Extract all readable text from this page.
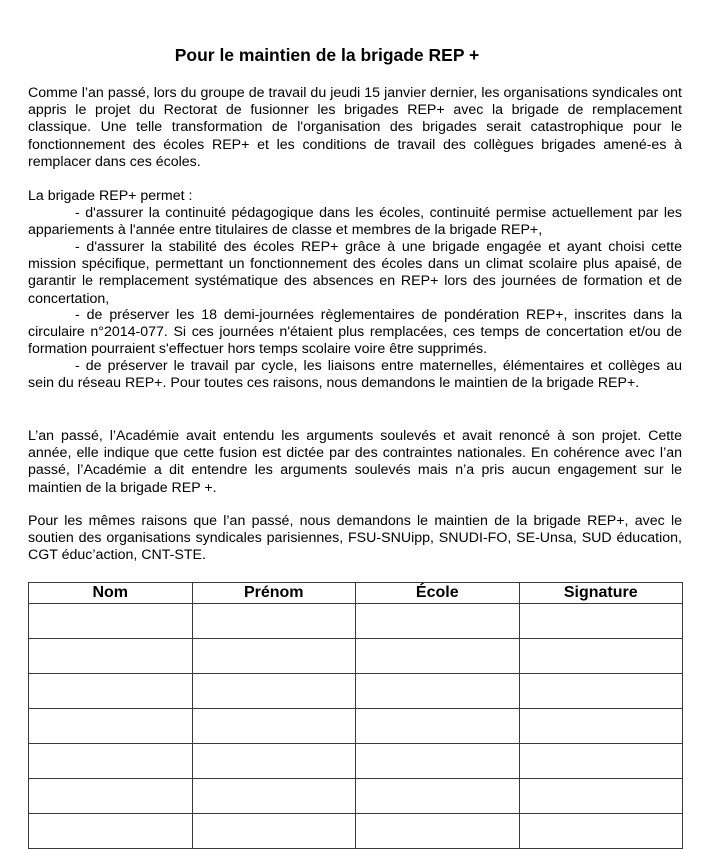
Pour le maintien de la brigade REP +

Comme l’an passé, lors du groupe de travail du jeudi 15 janvier dernier, les organisations syndicales ont appris le projet du Rectorat de fusionner les brigades REP+ avec la brigade de remplacement classique. Une telle transformation de l'organisation des brigades serait catastrophique pour le fonctionnement des écoles REP+ et les conditions de travail des collègues brigades amené-es à remplacer dans ces écoles.

La brigade REP+ permet :

- d'assurer la continuité pédagogique dans les écoles, continuité permise actuellement par les appariements à l'année entre titulaires de classe et membres de la brigade REP+,

- d'assurer la stabilité des écoles REP+ grâce à une brigade engagée et ayant choisi cette mission spécifique, permettant un fonctionnement des écoles dans un climat scolaire plus apaisé, de garantir le remplacement systématique des absences en REP+ lors des journées de formation et de concertation,

- de préserver les 18 demi-journées règlementaires de pondération REP+, inscrites dans la circulaire n°2014-077. Si ces journées n'étaient plus remplacées, ces temps de concertation et/ou de formation pourraient s'effectuer hors temps scolaire voire être supprimés.

- de préserver le travail par cycle, les liaisons entre maternelles, élémentaires et collèges au sein du réseau REP+. Pour toutes ces raisons, nous demandons le maintien de la brigade REP+.

L’an passé, l’Académie avait entendu les arguments soulevés et avait renoncé à son projet. Cette année, elle indique que cette fusion est dictée par des contraintes nationales. En cohérence avec l’an passé, l’Académie a dit entendre les arguments soulevés mais n’a pris aucun engagement sur le maintien de la brigade REP +.

Pour les mêmes raisons que l’an passé, nous demandons le maintien de la brigade REP+, avec le soutien des organisations syndicales parisiennes, FSU-SNUipp, SNUDI-FO, SE-Unsa, SUD éducation, CGT éduc’action, CNT-STE.

Nom	Prénom	École	Signature
